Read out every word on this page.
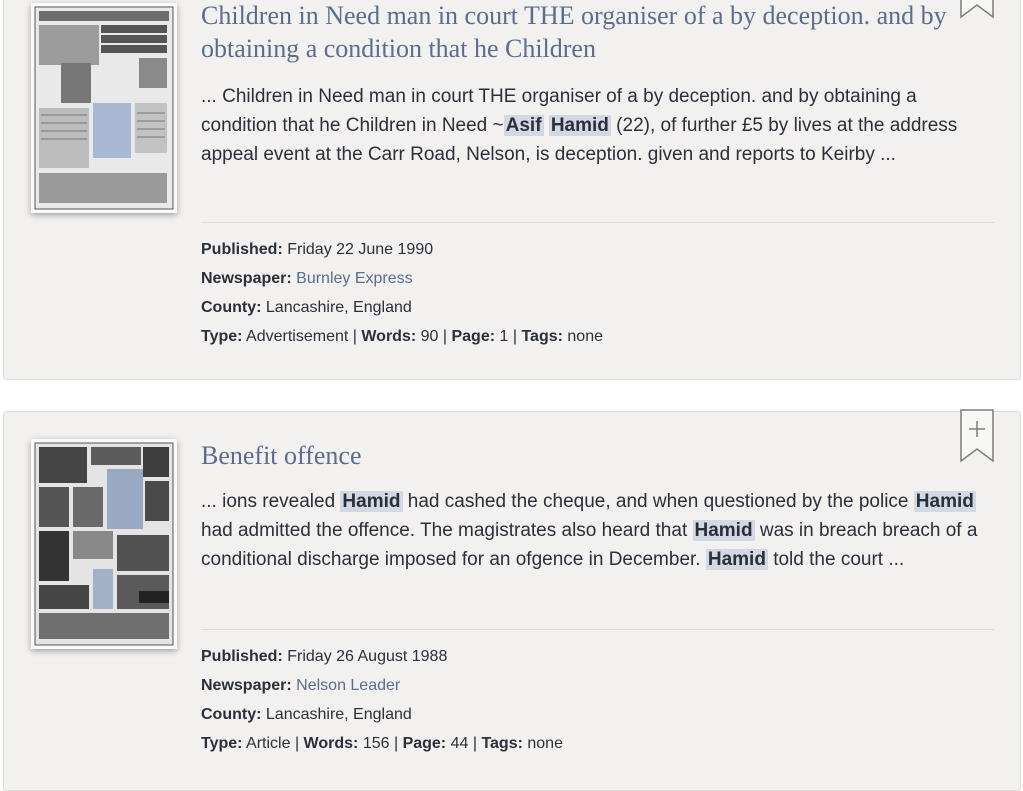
Children in Need man in court THE organiser of a by deception. and by obtaining a condition that he Children

... Children in Need man in court THE organiser of a by deception. and by obtaining a condition that he Children in Need ~ Asif Hamid (22), of further £5 by lives at the address appeal event at the Carr Road, Nelson, is deception. given and reports to Keirby ...

Published: Friday 22 June 1990
Newspaper: Burnley Express
County: Lancashire, England
Type: Advertisement | Words: 90 | Page: 1 | Tags: none
Benefit offence

... ions revealed Hamid had cashed the cheque, and when questioned by the police Hamid had admitted the offence. The magistrates also heard that Hamid was in breach breach of a conditional discharge imposed for an ofgence in December. Hamid told the court ...

Published: Friday 26 August 1988
Newspaper: Nelson Leader
County: Lancashire, England
Type: Article | Words: 156 | Page: 44 | Tags: none
